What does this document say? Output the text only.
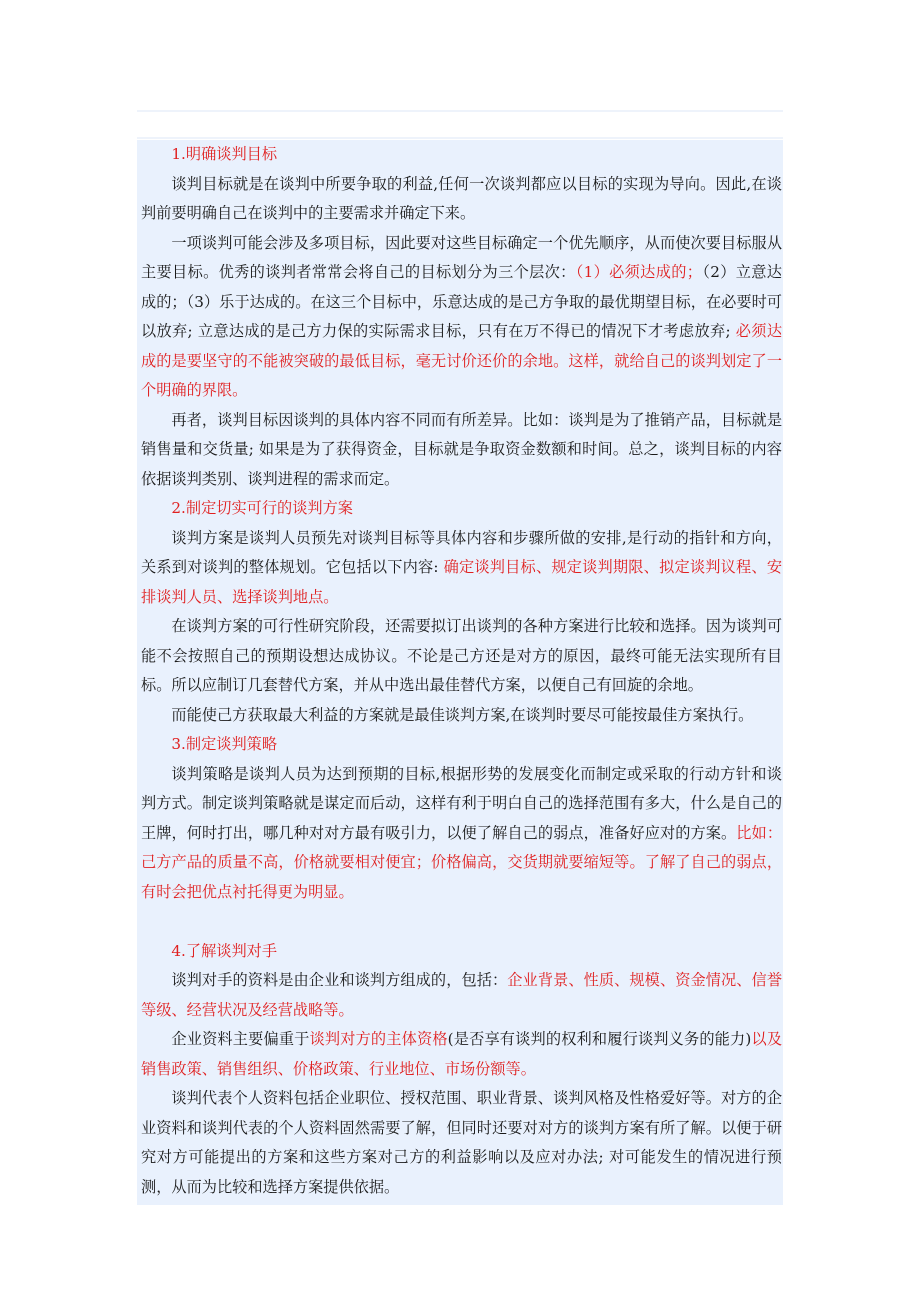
1.明确谈判目标

谈判目标就是在谈判中所要争取的利益,任何一次谈判都应以目标的实现为导向。因此,在谈判前要明确自己在谈判中的主要需求并确定下来。

一项谈判可能会涉及多项目标，因此要对这些目标确定一个优先顺序，从而使次要目标服从主要目标。优秀的谈判者常常会将自己的目标划分为三个层次：（1）必须达成的；（2）立意达成的；（3）乐于达成的。在这三个目标中，乐意达成的是己方争取的最优期望目标，在必要时可以放弃; 立意达成的是己方力保的实际需求目标，只有在万不得已的情况下才考虑放弃; 必须达成的是要坚守的不能被突破的最低目标，毫无讨价还价的余地。这样，就给自己的谈判划定了一个明确的界限。

再者，谈判目标因谈判的具体内容不同而有所差异。比如：谈判是为了推销产品，目标就是销售量和交货量; 如果是为了获得资金，目标就是争取资金数额和时间。总之，谈判目标的内容依据谈判类别、谈判进程的需求而定。

2.制定切实可行的谈判方案

谈判方案是谈判人员预先对谈判目标等具体内容和步骤所做的安排,是行动的指针和方向，关系到对谈判的整体规划。它包括以下内容: 确定谈判目标、规定谈判期限、拟定谈判议程、安排谈判人员、选择谈判地点。

在谈判方案的可行性研究阶段，还需要拟订出谈判的各种方案进行比较和选择。因为谈判可能不会按照自己的预期设想达成协议。不论是己方还是对方的原因，最终可能无法实现所有目标。所以应制订几套替代方案，并从中选出最佳替代方案，以便自己有回旋的余地。

而能使己方获取最大利益的方案就是最佳谈判方案,在谈判时要尽可能按最佳方案执行。

3.制定谈判策略

谈判策略是谈判人员为达到预期的目标,根据形势的发展变化而制定或采取的行动方针和谈判方式。制定谈判策略就是谋定而后动，这样有利于明白自己的选择范围有多大，什么是自己的王牌，何时打出，哪几种对对方最有吸引力，以便了解自己的弱点，准备好应对的方案。比如：己方产品的质量不高，价格就要相对便宜；价格偏高，交货期就要缩短等。了解了自己的弱点，有时会把优点衬托得更为明显。

4.了解谈判对手

谈判对手的资料是由企业和谈判方组成的，包括：企业背景、性质、规模、资金情况、信誉等级、经营状况及经营战略等。

企业资料主要偏重于谈判对方的主体资格(是否享有谈判的权利和履行谈判义务的能力)以及销售政策、销售组织、价格政策、行业地位、市场份额等。

谈判代表个人资料包括企业职位、授权范围、职业背景、谈判风格及性格爱好等。对方的企业资料和谈判代表的个人资料固然需要了解，但同时还要对对方的谈判方案有所了解。以便于研究对方可能提出的方案和这些方案对己方的利益影响以及应对办法; 对可能发生的情况进行预测，从而为比较和选择方案提供依据。
